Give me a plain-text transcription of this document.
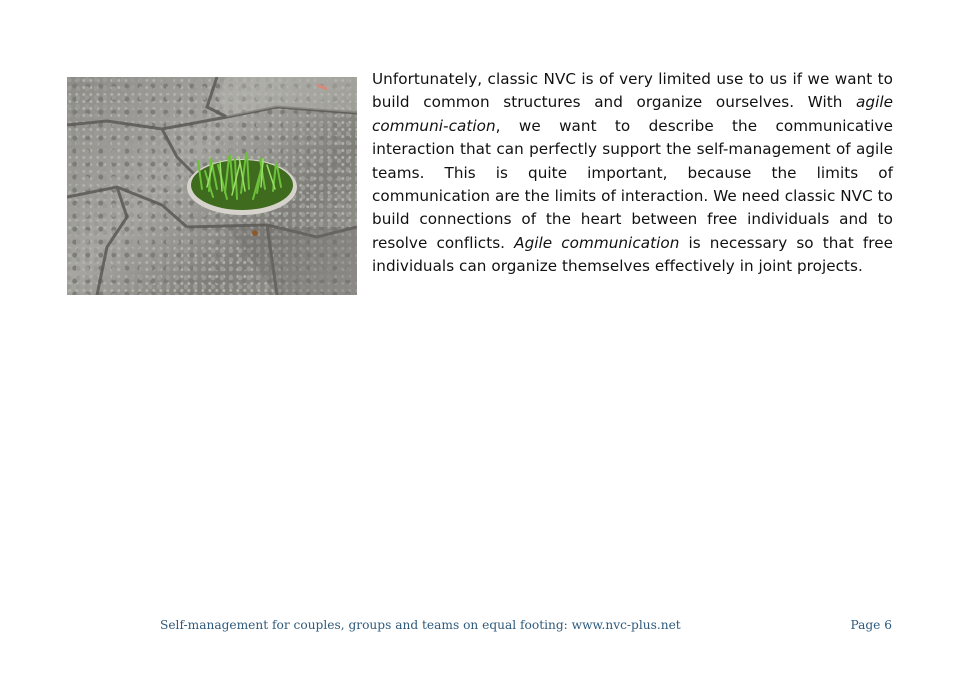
Unfortunately, classic NVC is of very limited use to us if we want to build common structures and organize ourselves. With agile communi-cation, we want to describe the communicative interaction that can perfectly support the self-management of agile teams. This is quite important, because the limits of communication are the limits of interaction. We need classic NVC to build connections of the heart between free individuals and to resolve conflicts. Agile communication is necessary so that free individuals can organize themselves effectively in joint projects.

Self-management for couples, groups and teams on equal footing: www.nvc-plus.net	Page 6
